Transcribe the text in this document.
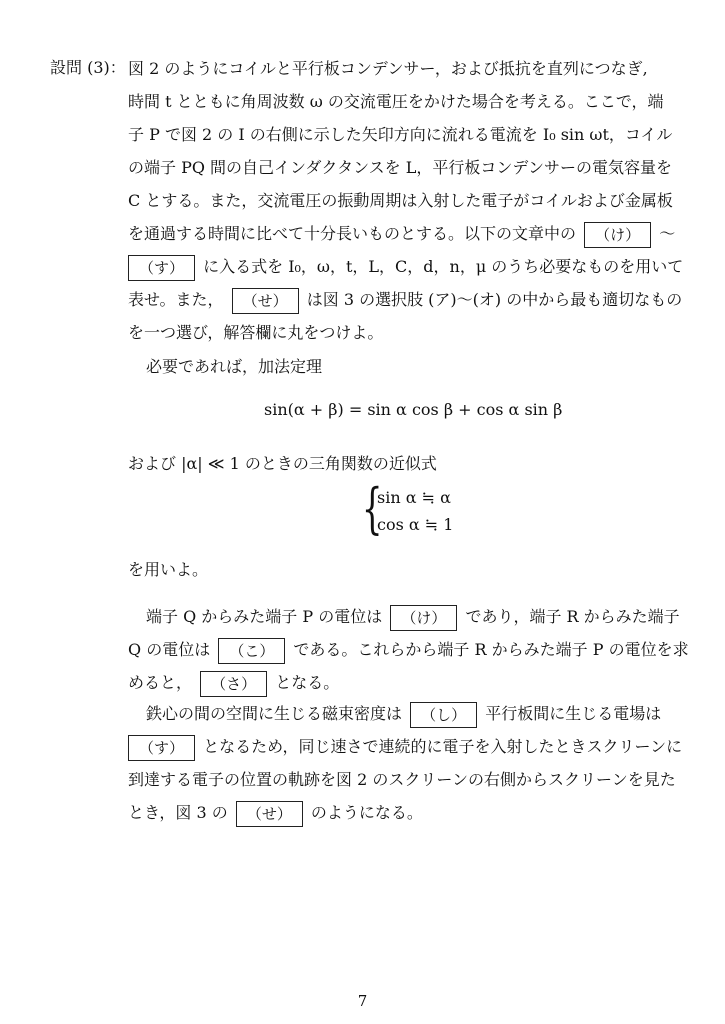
設問 (3)： 図 2 のようにコイルと平行板コンデンサー，および抵抗を直列につなぎ,
時間 t とともに角周波数 ω の交流電圧をかけた場合を考える。ここで，端
子 P で図 2 の I の右側に示した矢印方向に流れる電流を I₀ sin ωt，コイル
の端子 PQ 間の自己インダクタンスを L，平行板コンデンサーの電気容量を
C とする。また，交流電圧の振動周期は入射した電子がコイルおよび金属板
を通過する時間に比べて十分長いものとする。以下の文章中の （け） ～
（す） に入る式を I₀，ω，t，L，C，d，n，μ のうち必要なものを用いて
表せ。また， （せ） は図 3 の選択肢 (ア)～(オ) の中から最も適切なもの
を一つ選び，解答欄に丸をつけよ。
必要であれば，加法定理
sin(α + β) = sin α cos β + cos α sin β
および |α| ≪ 1 のときの三角関数の近似式
{
sin α ≒ α
cos α ≒ 1
を用いよ。
端子 Q からみた端子 P の電位は （け） であり，端子 R からみた端子
Q の電位は （こ） である。これらから端子 R からみた端子 P の電位を求
めると， （さ） となる。
鉄心の間の空間に生じる磁束密度は （し） 平行板間に生じる電場は
（す） となるため，同じ速さで連続的に電子を入射したときスクリーンに
到達する電子の位置の軌跡を図 2 のスクリーンの右側からスクリーンを見た
とき，図 3 の （せ） のようになる。
7
